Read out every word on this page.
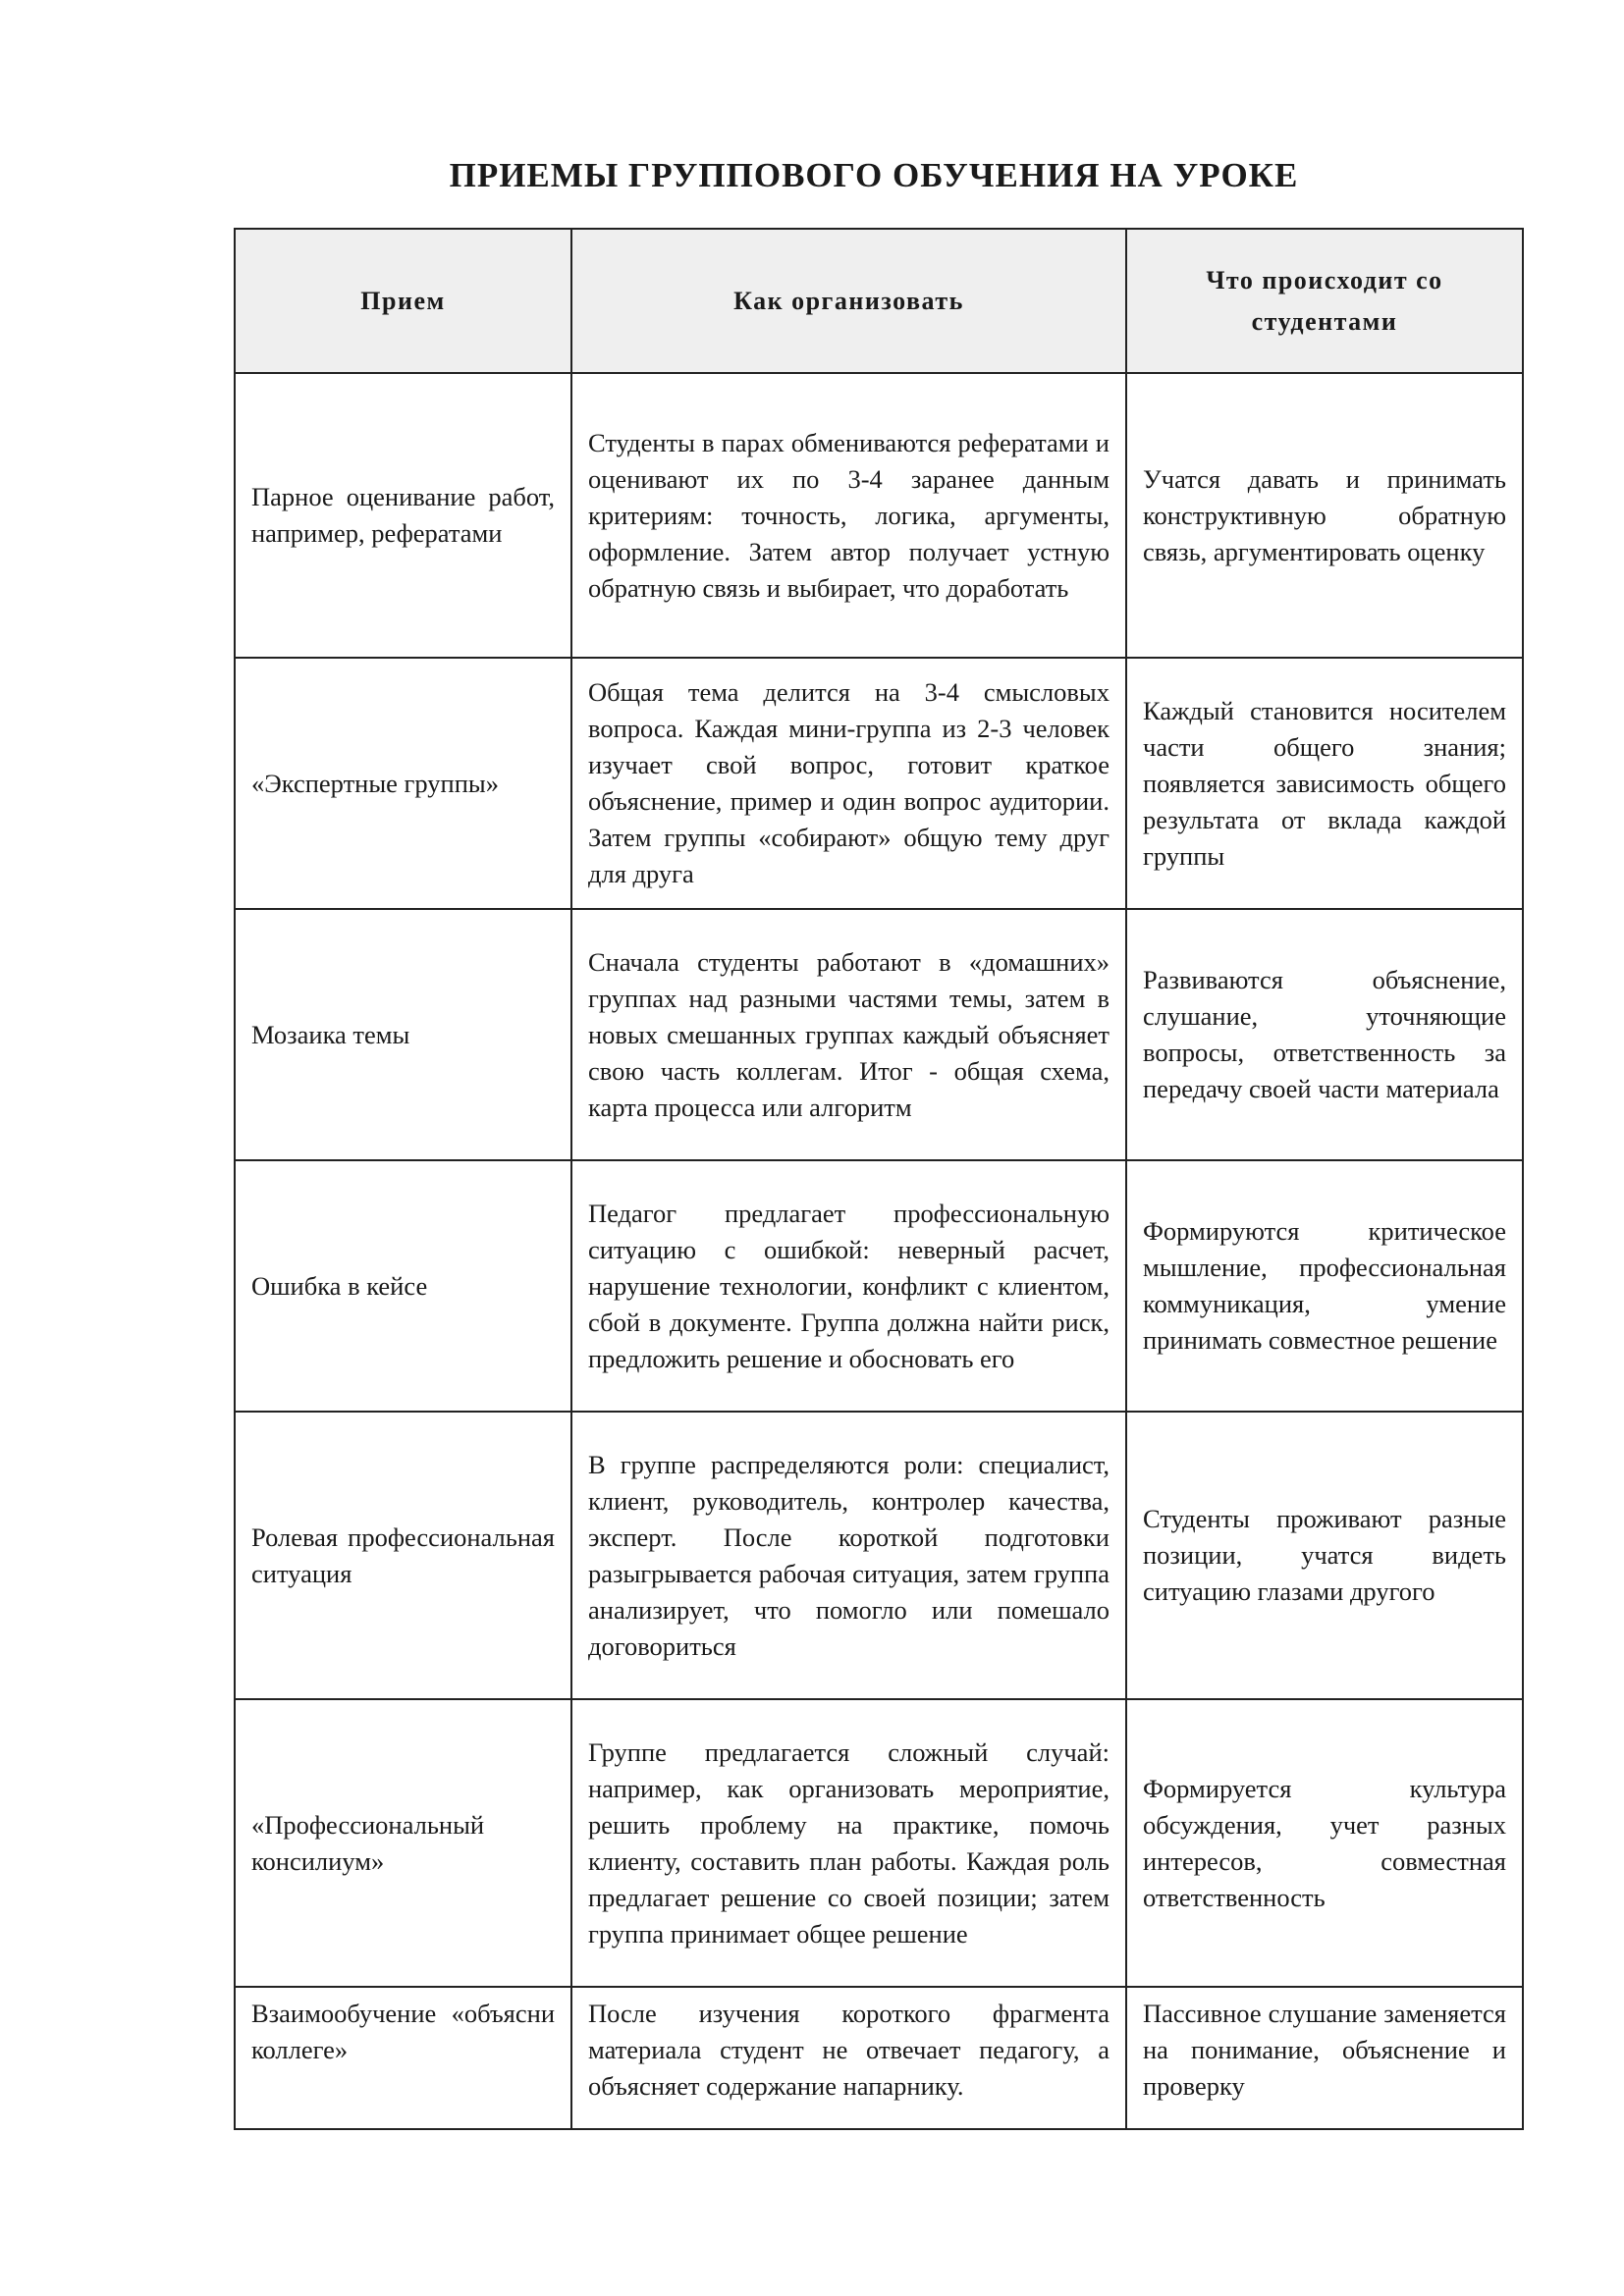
ПРИЕМЫ ГРУППОВОГО ОБУЧЕНИЯ НА УРОКЕ
Прием	Как организовать	Что происходит со студентами
Парное оценивание работ, например, рефератами	Студенты в парах обмениваются рефератами и оценивают их по 3-4 заранее данным критериям: точность, логика, аргументы, оформление. Затем автор получает устную обратную связь и выбирает, что доработать	Учатся давать и принимать конструктивную обратную связь, аргументировать оценку
«Экспертные группы»	Общая тема делится на 3-4 смысловых вопроса. Каждая мини-группа из 2-3 человек изучает свой вопрос, готовит краткое объяснение, пример и один вопрос аудитории. Затем группы «собирают» общую тему друг для друга	Каждый становится носителем части общего знания; появляется зависимость общего результата от вклада каждой группы
Мозаика темы	Сначала студенты работают в «домашних» группах над разными частями темы, затем в новых смешанных группах каждый объясняет свою часть коллегам. Итог - общая схема, карта процесса или алгоритм	Развиваются объяснение, слушание, уточняющие вопросы, ответственность за передачу своей части материала
Ошибка в кейсе	Педагог предлагает профессиональную ситуацию с ошибкой: неверный расчет, нарушение технологии, конфликт с клиентом, сбой в документе. Группа должна найти риск, предложить решение и обосновать его	Формируются критическое мышление, профессиональная коммуникация, умение принимать совместное решение
Ролевая профессиональная ситуация	В группе распределяются роли: специалист, клиент, руководитель, контролер качества, эксперт. После короткой подготовки разыгрывается рабочая ситуация, затем группа анализирует, что помогло или помешало договориться	Студенты проживают разные позиции, учатся видеть ситуацию глазами другого
«Профессиональный консилиум»	Группе предлагается сложный случай: например, как организовать мероприятие, решить проблему на практике, помочь клиенту, составить план работы. Каждая роль предлагает решение со своей позиции; затем группа принимает общее решение	Формируется культура обсуждения, учет разных интересов, совместная ответственность
Взаимообучение «объясни коллеге»	После изучения короткого фрагмента материала студент не отвечает педагогу, а объясняет содержание напарнику.	Пассивное слушание заменяется на понимание, объяснение и проверку
